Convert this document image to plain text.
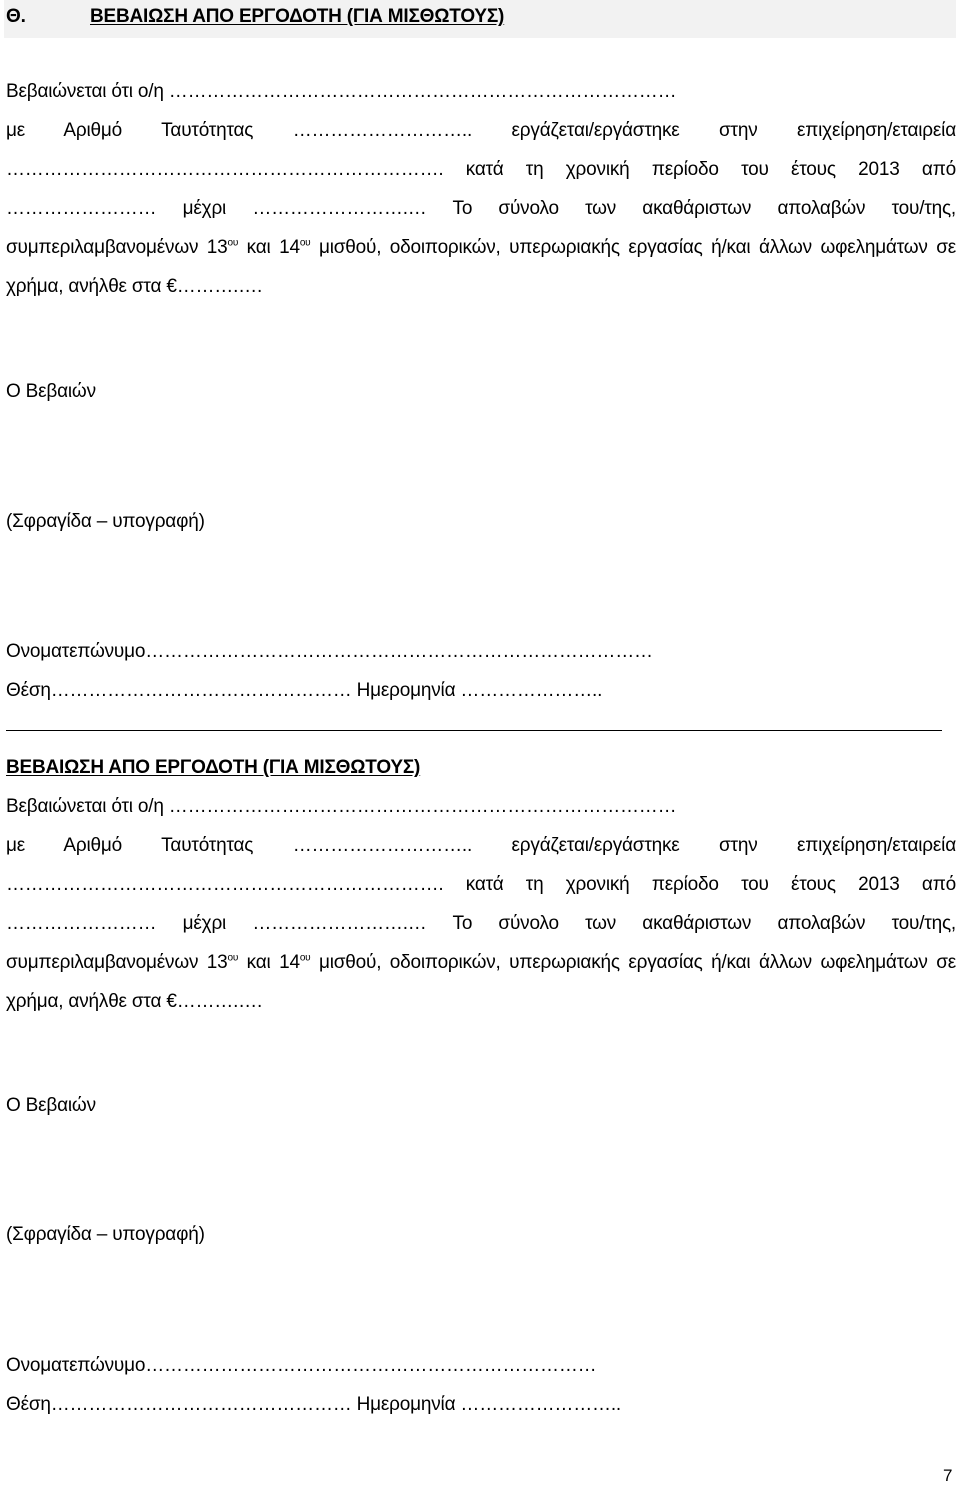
Θ.	ΒΕΒΑΙΩΣΗ ΑΠΟ ΕΡΓΟΔΟΤΗ (ΓΙΑ ΜΙΣΘΩΤΟΥΣ)
Βεβαιώνεται ότι ο/η ………………………………………………………………………
με Αριθμό Ταυτότητας ……………………….. εργάζεται/εργάστηκε στην επιχείρηση/εταιρεία
……………………………………………………………. κατά τη χρονική περίοδο του έτους 2013 από
…………………… μέχρι …………………….… Το σύνολο των ακαθάριστων απολαβών του/της,
συμπεριλαμβανομένων $13^{o\upsilon}$ και $14^{o\upsilon}$ μισθού, οδοιπορικών, υπερωριακής εργασίας ή/και άλλων ωφελημάτων σε
χρήμα, ανήλθε στα €……….….
Ο Βεβαιών
(Σφραγίδα – υπογραφή)
Ονοματεπώνυμο………………………………………………………………………
Θέση………………………………………… Ημερομηνία …………………..
ΒΕΒΑΙΩΣΗ ΑΠΟ ΕΡΓΟΔΟΤΗ (ΓΙΑ ΜΙΣΘΩΤΟΥΣ)
Βεβαιώνεται ότι ο/η ………………………………………………………………………
με Αριθμό Ταυτότητας ……………………….. εργάζεται/εργάστηκε στην επιχείρηση/εταιρεία
……………………………………………………………. κατά τη χρονική περίοδο του έτους 2013 από
…………………… μέχρι …………………….… Το σύνολο των ακαθάριστων απολαβών του/της,
συμπεριλαμβανομένων $13^{o\upsilon}$ και $14^{o\upsilon}$ μισθού, οδοιπορικών, υπερωριακής εργασίας ή/και άλλων ωφελημάτων σε
χρήμα, ανήλθε στα €……….….
Ο Βεβαιών
(Σφραγίδα – υπογραφή)
Ονοματεπώνυμο………………………………………………………………
Θέση………………………………………… Ημερομηνία ……………………..
7
